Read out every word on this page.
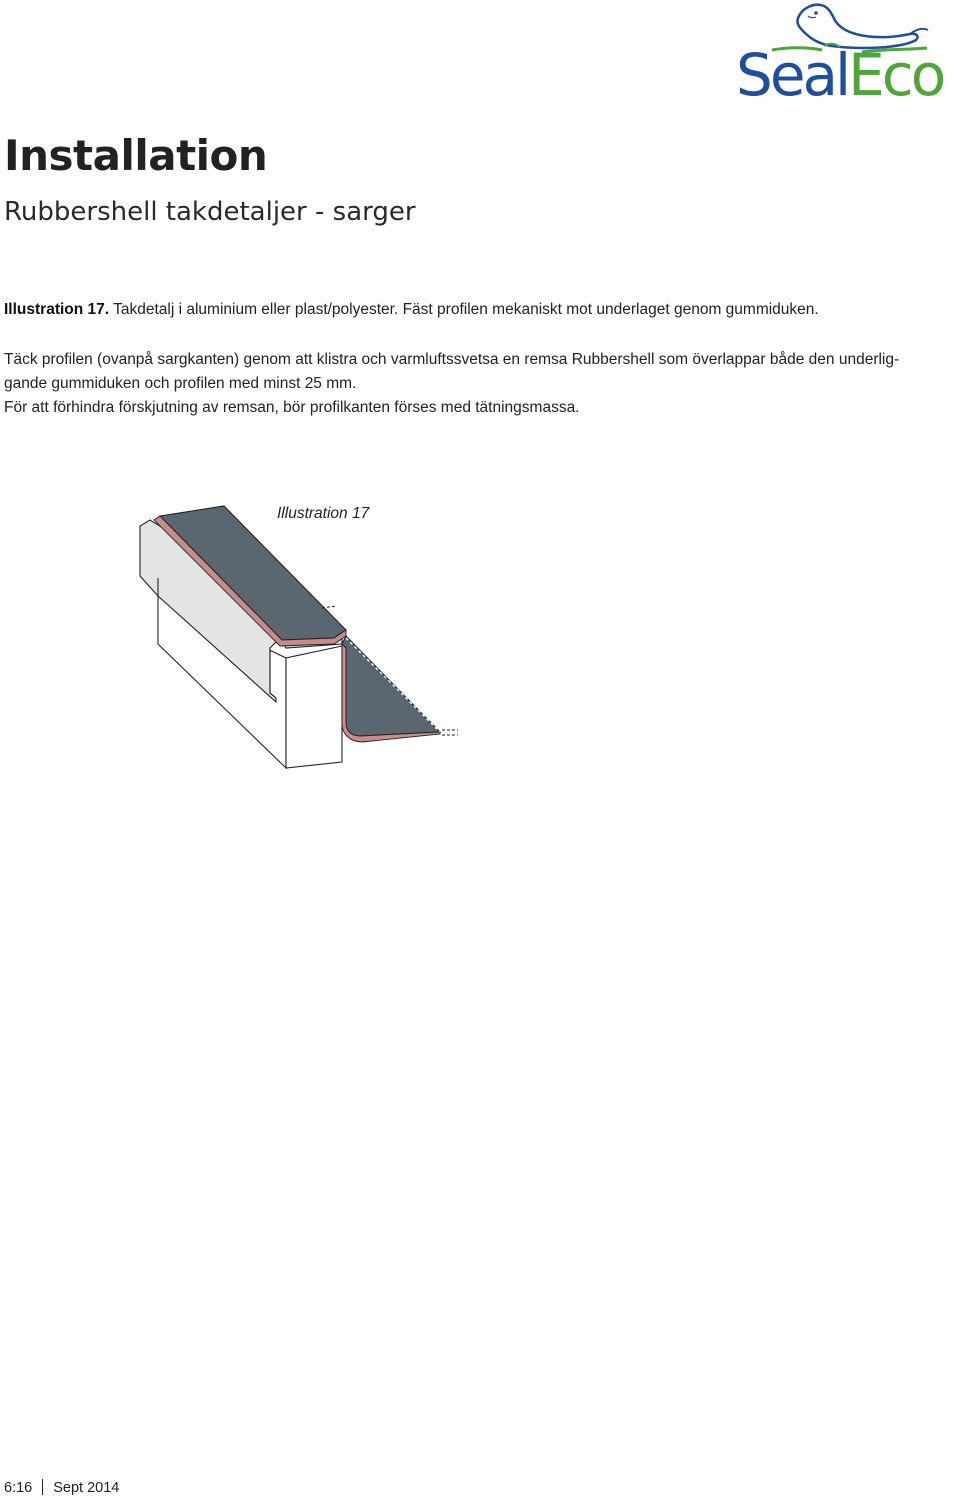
SealEco
Installation
Rubbershell takdetaljer - sarger
Illustration 17. Takdetalj i aluminium eller plast/polyester. Fäst profilen mekaniskt mot underlaget genom gummiduken.
Täck profilen (ovanpå sargkanten) genom att klistra och varmluftssvetsa en remsa Rubbershell som överlappar både den underlig-
gande gummiduken och profilen med minst 25 mm.
För att förhindra förskjutning av remsan, bör profilkanten förses med tätningsmassa.
Illustration 17
6:16 Sept 2014
